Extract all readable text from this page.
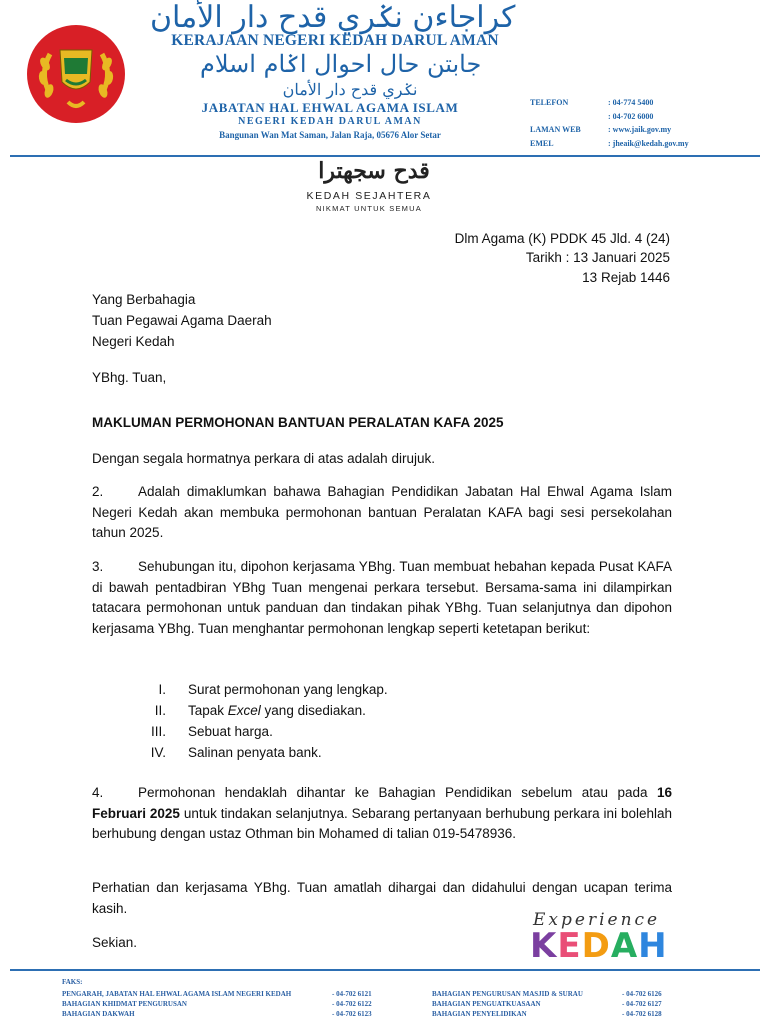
كراجاءن نݢري قدح دار الأمان
KERAJAAN NEGERI KEDAH DARUL AMAN
جابتن حال احوال اݢام اسلام
نݢري قدح دار الأمان
JABATAN HAL EHWAL AGAMA ISLAM
NEGERI KEDAH DARUL AMAN
Bangunan Wan Mat Saman, Jalan Raja, 05676 Alor Setar
TELEFON	: 04-774 5400
: 04-702 6000
LAMAN WEB	: www.jaik.gov.my
EMEL	: jheaik@kedah.gov.my
قدح سجهترا
KEDAH SEJAHTERA
NIKMAT UNTUK SEMUA
Dlm Agama (K) PDDK 45 Jld. 4 (24)
Tarikh : 13 Januari 2025
13 Rejab 1446
Yang Berbahagia
Tuan Pegawai Agama Daerah
Negeri Kedah
YBhg. Tuan,
MAKLUMAN PERMOHONAN BANTUAN PERALATAN KAFA 2025
Dengan segala hormatnya perkara di atas adalah dirujuk.
2.	Adalah dimaklumkan bahawa Bahagian Pendidikan Jabatan Hal Ehwal Agama Islam Negeri Kedah akan membuka permohonan bantuan Peralatan KAFA bagi sesi persekolahan tahun 2025.
3.	Sehubungan itu, dipohon kerjasama YBhg. Tuan membuat hebahan kepada Pusat KAFA di bawah pentadbiran YBhg Tuan mengenai perkara tersebut. Bersama-sama ini dilampirkan tatacara permohonan untuk panduan dan tindakan pihak YBhg. Tuan selanjutnya dan dipohon kerjasama YBhg. Tuan menghantar permohonan lengkap seperti ketetapan berikut:
I.	Surat permohonan yang lengkap.
II.	Tapak Excel yang disediakan.
III.	Sebuat harga.
IV.	Salinan penyata bank.
4.	Permohonan hendaklah dihantar ke Bahagian Pendidikan sebelum atau pada 16 Februari 2025 untuk tindakan selanjutnya. Sebarang pertanyaan berhubung perkara ini bolehlah berhubung dengan ustaz Othman bin Mohamed di talian 019-5478936.
Perhatian dan kerjasama YBhg. Tuan amatlah dihargai dan didahului dengan ucapan terima kasih.
Sekian.
Experience
KEDAH
FAKS:
PENGARAH, JABATAN HAL EHWAL AGAMA ISLAM NEGERI KEDAH	- 04-702 6121
BAHAGIAN KHIDMAT PENGURUSAN	- 04-702 6122
BAHAGIAN DAKWAH	- 04-702 6123
BAHAGIAN PENGURUSAN MASJID & SURAU	- 04-702 6126
BAHAGIAN PENGUATKUASAAN	- 04-702 6127
BAHAGIAN PENYELIDIKAN	- 04-702 6128
